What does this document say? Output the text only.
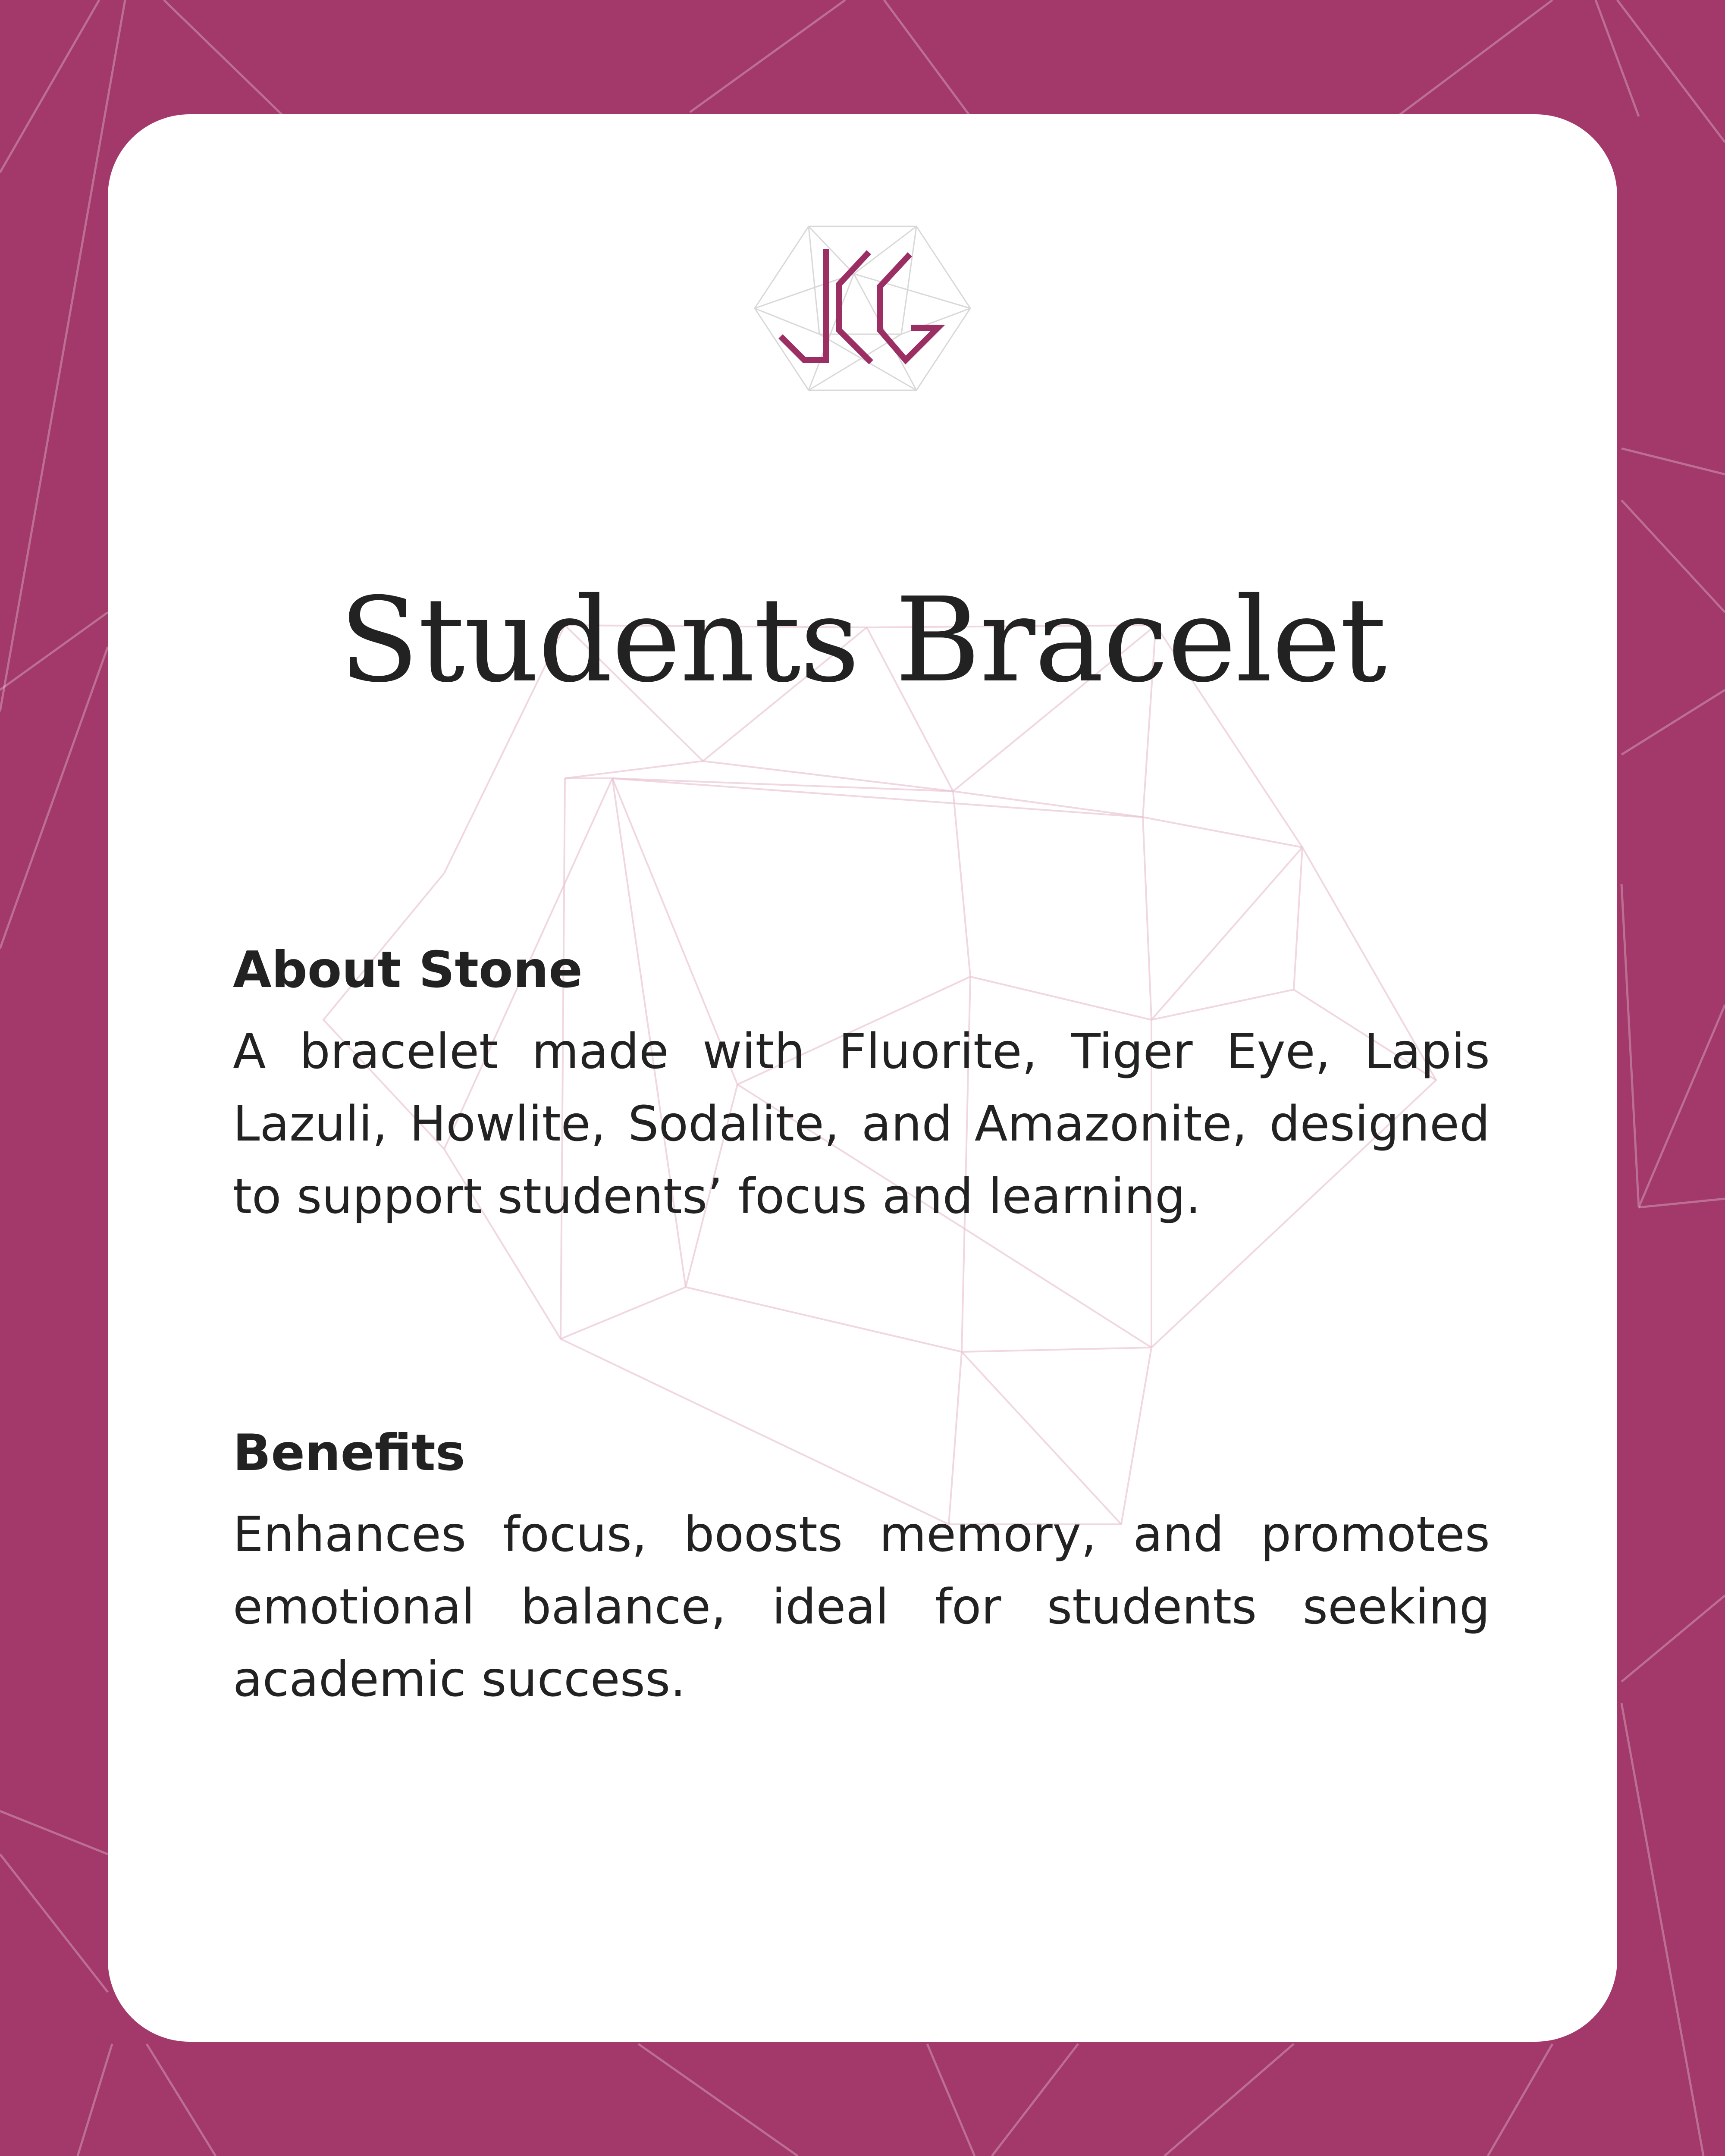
Students Bracelet
About Stone

A bracelet made with Fluorite, Tiger Eye, Lapis Lazuli, Howlite, Sodalite, and Amazonite, designed to support students’ focus and learning.

Benefits

Enhances focus, boosts memory, and promotes emotional balance, ideal for students seeking academic success.
